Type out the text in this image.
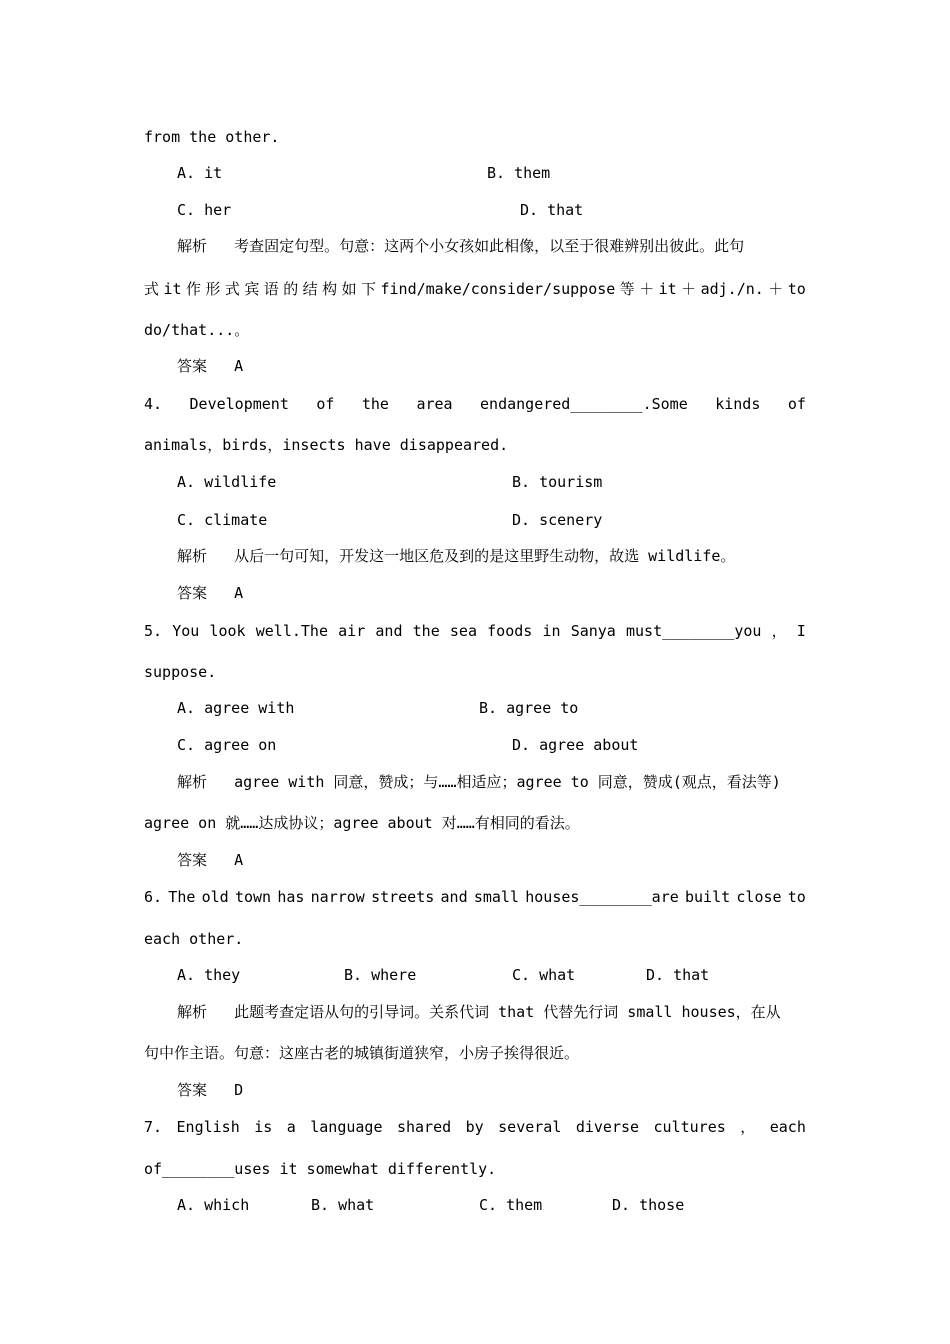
from the other.
A. it	B. them
C. her	D. that
解析   考查固定句型。句意：这两个小女孩如此相像，以至于很难辨别出彼此。此句
式 it 作 形 式 宾 语 的 结 构 如 下 find/make/consider/suppose 等 ＋ it ＋ adj./n. ＋ to
do/that...。
答案   A
4. Development of the area endangered________.Some kinds of
animals，birds，insects have disappeared.
A. wildlife	B. tourism
C. climate	D. scenery
解析   从后一句可知，开发这一地区危及到的是这里野生动物，故选 wildlife。
答案   A
5. You look well.The air and the sea foods in Sanya must________you ， I
suppose.
A. agree with	B. agree to
C. agree on	D. agree about
解析   agree with 同意，赞成；与……相适应；agree to 同意，赞成(观点，看法等)
agree on 就……达成协议；agree about 对……有相同的看法。
答案   A
6. The old town has narrow streets and small houses________are built close to
each other.
A. they	B. where	C. what	D. that
解析   此题考查定语从句的引导词。关系代词 that 代替先行词 small houses，在从
句中作主语。句意：这座古老的城镇街道狭窄，小房子挨得很近。
答案   D
7. English is a language shared by several diverse cultures ， each
of________uses it somewhat differently.
A. which	B. what	C. them	D. those
